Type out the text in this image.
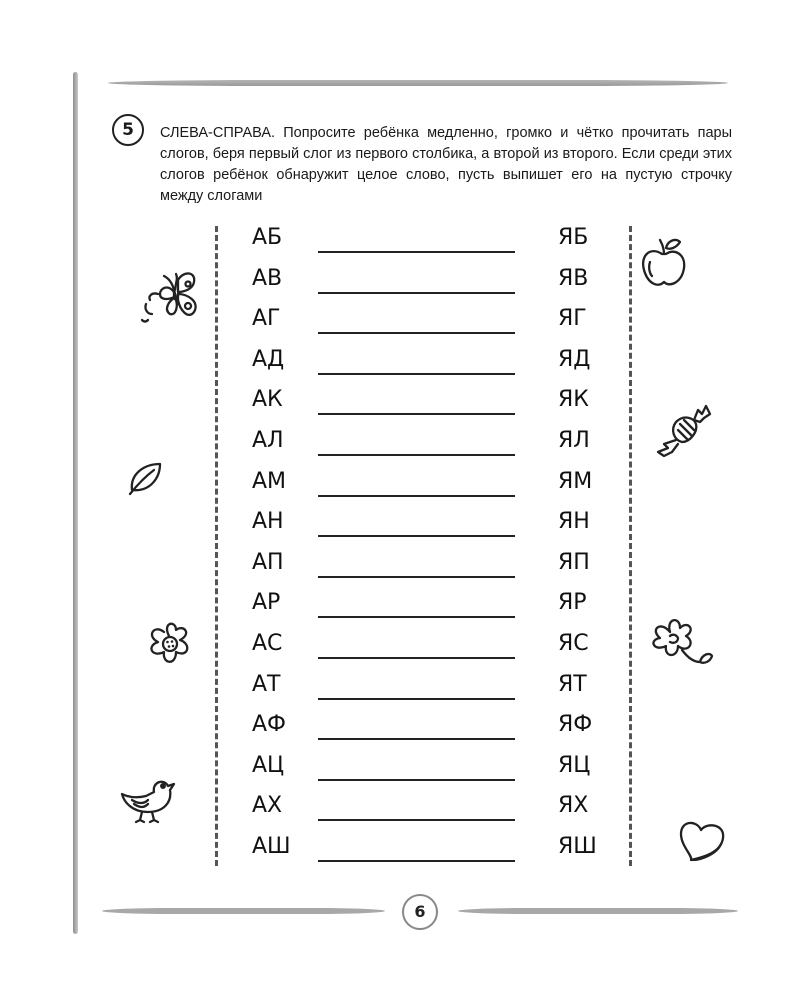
5	СЛЕВА-СПРАВА. Попросите ребёнка медленно, громко и чётко прочитать пары слогов, беря первый слог из первого столбика, а второй из второго. Если среди этих слогов ребёнок обнаружит целое слово, пусть выпишет его на пустую строчку между слогами

АБ	ЯБ
АВ	ЯВ
АГ	ЯГ
АД	ЯД
АК	ЯК
АЛ	ЯЛ
АМ	ЯМ
АН	ЯН
АП	ЯП
АР	ЯР
АС	ЯС
АТ	ЯТ
АФ	ЯФ
АЦ	ЯЦ
АХ	ЯХ
АШ	ЯШ
6
